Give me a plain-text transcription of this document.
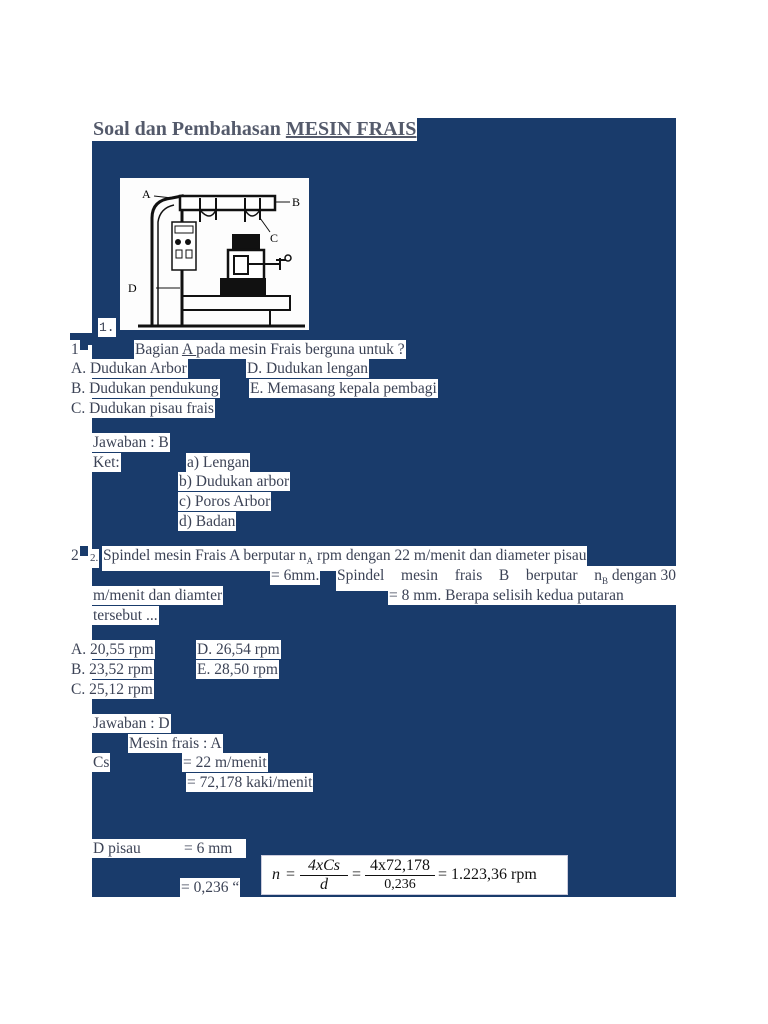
Soal dan Pembahasan MESIN FRAIS
A
B
C
D
1.
1	Bagian A pada mesin Frais berguna untuk ?
A. Dudukan Arbor	D. Dudukan lengan
B. Dudukan pendukung E. Memasang kepala pembagi
C. Dudukan pisau frais
Jawaban : B
Ket:	a) Lengan
b) Dudukan arbor
c) Poros Arbor
d) Badan
2 2. Spindel mesin Frais A berputar $n_A$ rpm dengan 22 m/menit dan diameter pisau
= 6mm. Spindel mesin frais B berputar $n_B$ dengan 30
m/menit dan diamter	= 8 mm. Berapa selisih kedua putaran
tersebut ...
A. 20,55 rpm	D. 26,54 rpm
B. 23,52 rpm	E. 28,50 rpm
C. 25,12 rpm
Jawaban : D
Mesin frais : A
Cs	= 22 m/menit
= 72,178 kaki/menit
D pisau	= 6 mm
= 0,236 “
n =
4xCs
d
= $\frac{4x72,178}{0,236} = 1.223,36$ rpm
